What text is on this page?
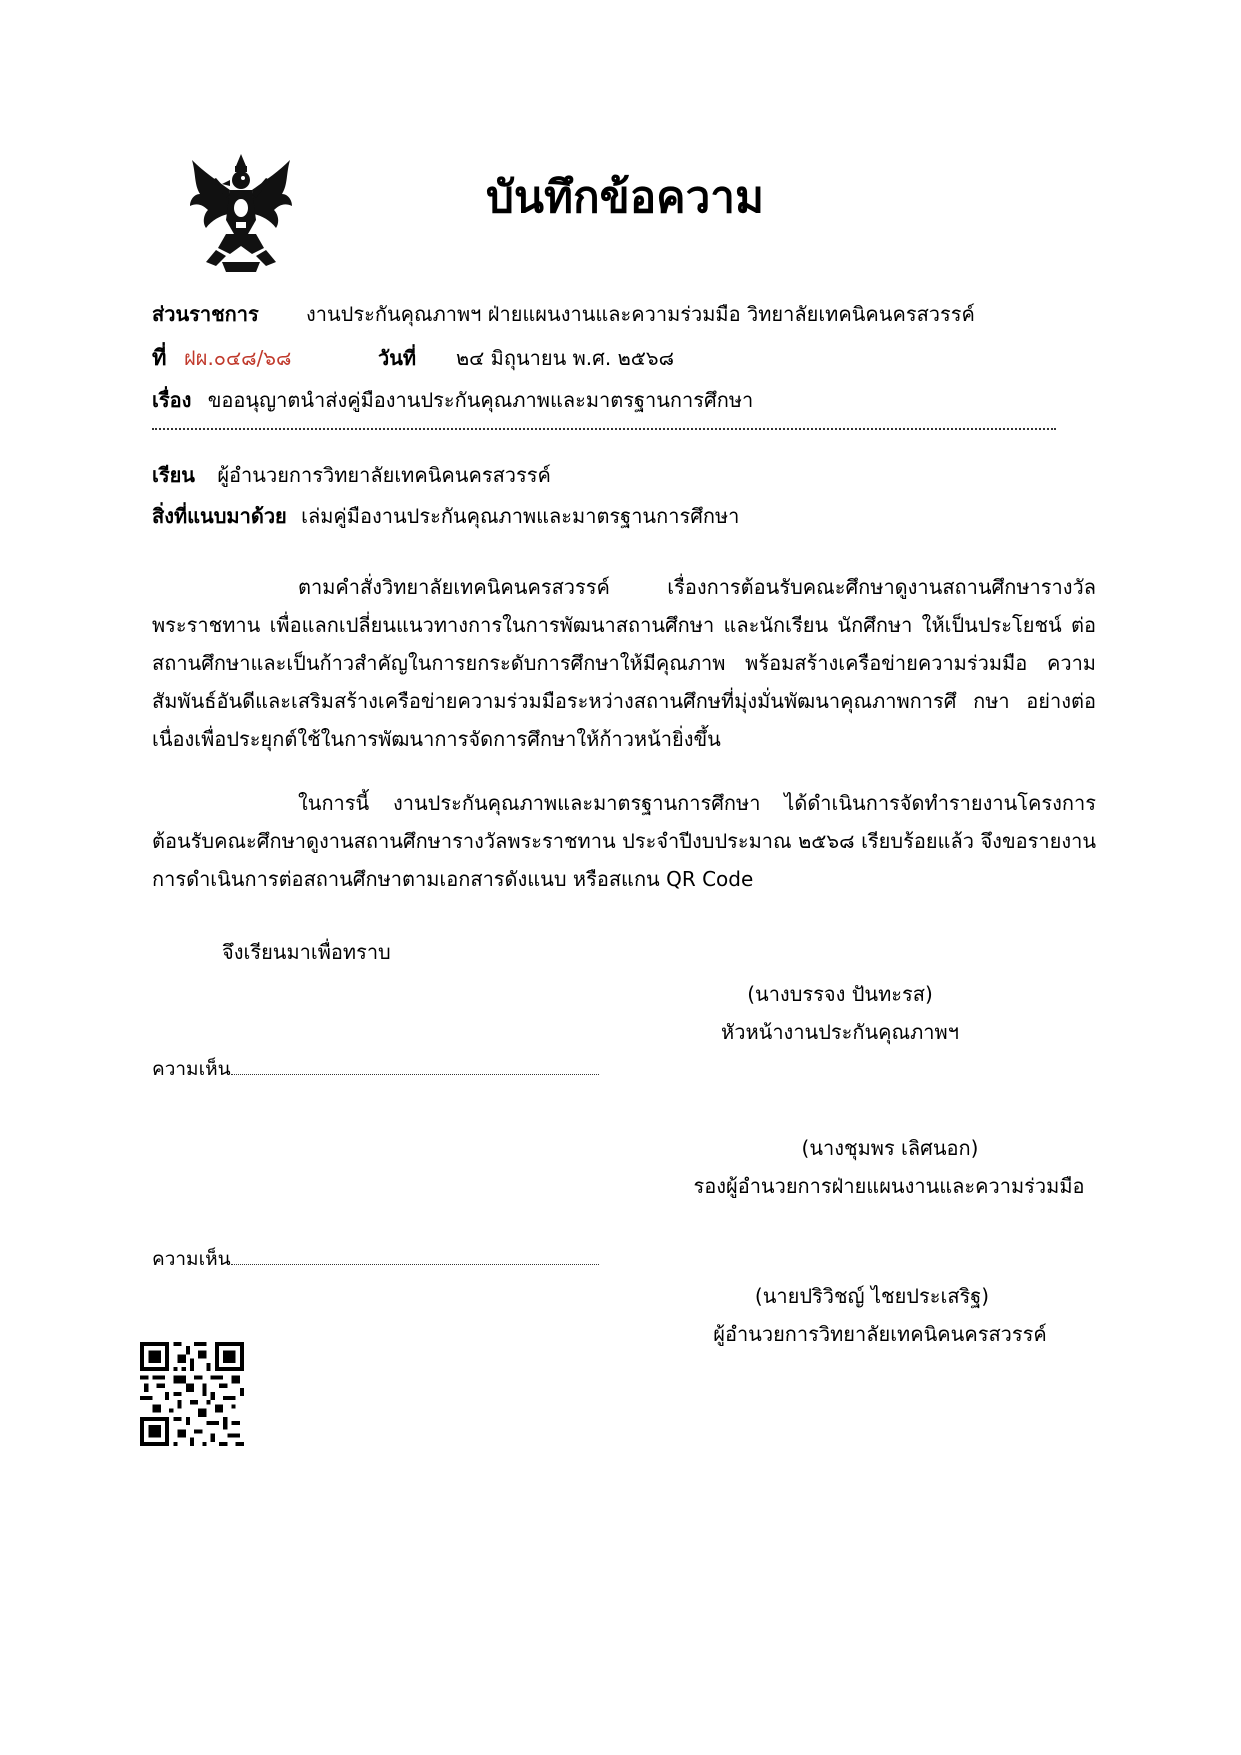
บันทึกข้อความ
ส่วนราชการ งานประกันคุณภาพฯ ฝ่ายแผนงานและความร่วมมือ วิทยาลัยเทคนิคนครสวรรค์
ที่ ฝผ.๐๔๘/๖๘	วันที่ ๒๔ มิถุนายน พ.ศ. ๒๕๖๘
เรื่อง ขออนุญาตนำส่งคู่มืองานประกันคุณภาพและมาตรฐานการศึกษา
เรียน ผู้อำนวยการวิทยาลัยเทคนิคนครสวรรค์
สิ่งที่แนบมาด้วย เล่มคู่มืองานประกันคุณภาพและมาตรฐานการศึกษา
ตามคำสั่งวิทยาลัยเทคนิคนครสวรรค์ เรื่องการต้อนรับคณะศึกษาดูงานสถานศึกษารางวัล พระราชทาน เพื่อแลกเปลี่ยนแนวทางการในการพัฒนาสถานศึกษา และนักเรียน นักศึกษา ให้เป็นประโยชน์ ต่อสถานศึกษาและเป็นก้าวสำคัญในการยกระดับการศึกษาให้มีคุณภาพ พร้อมสร้างเครือข่ายความร่วมมือ ความสัมพันธ์อันดีและเสริมสร้างเครือข่ายความร่วมมือระหว่างสถานศึกษที่มุ่งมั่นพัฒนาคุณภาพการศึ กษา อย่างต่อเนื่องเพื่อประยุกต์ใช้ในการพัฒนาการจัดการศึกษาให้ก้าวหน้ายิ่งขึ้น
ในการนี้ งานประกันคุณภาพและมาตรฐานการศึกษา ได้ดำเนินการจัดทำรายงานโครงการ ต้อนรับคณะศึกษาดูงานสถานศึกษารางวัลพระราชทาน ประจำปีงบประมาณ ๒๕๖๘ เรียบร้อยแล้ว จึงขอรายงานการดำเนินการต่อสถานศึกษาตามเอกสารดังแนบ หรือสแกน QR Code
จึงเรียนมาเพื่อทราบ
(นางบรรจง ปันทะรส)
หัวหน้างานประกันคุณภาพฯ
ความเห็น
(นางชุมพร เลิศนอก)
รองผู้อำนวยการฝ่ายแผนงานและความร่วมมือ
ความเห็น
(นายปริวิชญ์ ไชยประเสริฐ)
ผู้อำนวยการวิทยาลัยเทคนิคนครสวรรค์
